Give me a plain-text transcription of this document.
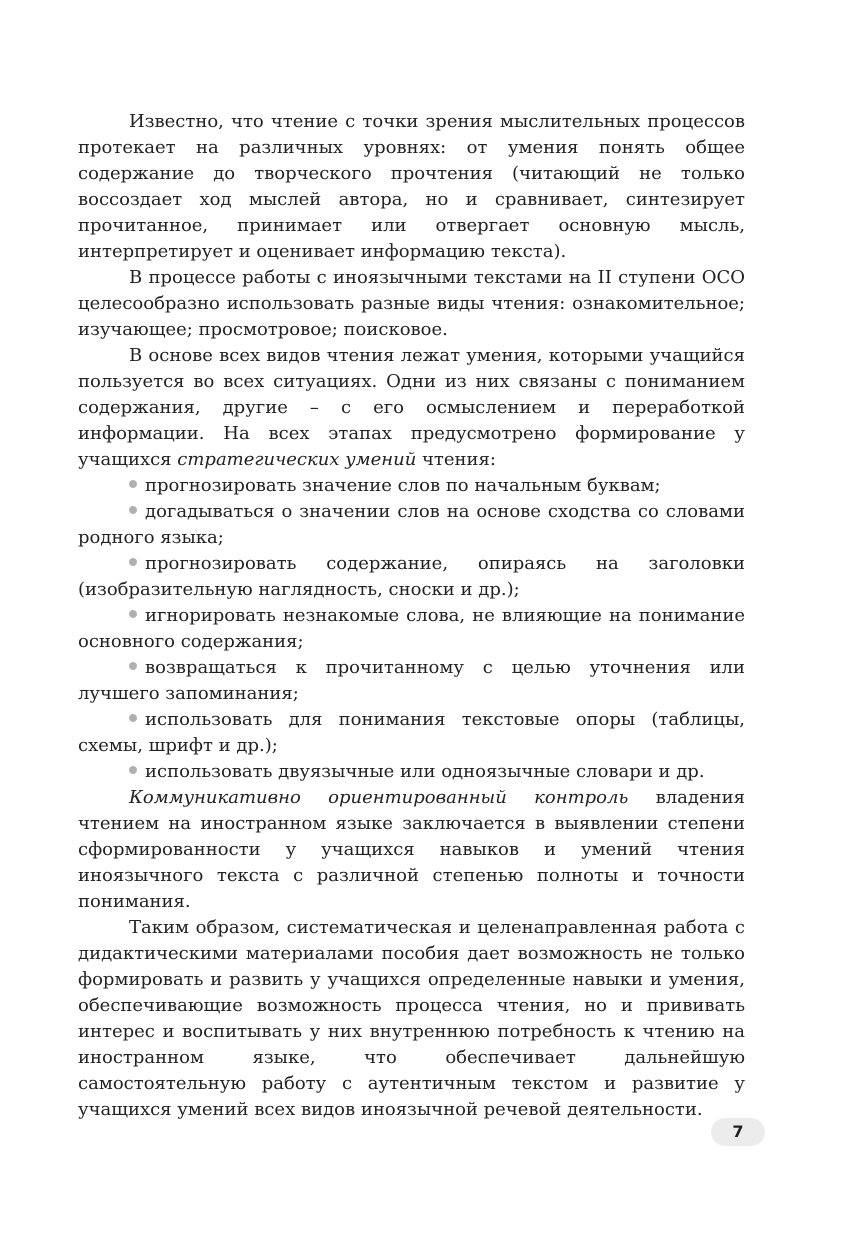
Известно, что чтение с точки зрения мыслительных процессов протекает на различных уровнях: от умения понять общее содержание до творческого прочтения (читающий не только воссоздает ход мыслей автора, но и сравнивает, синтезирует прочитанное, принимает или отвергает основную мысль, интерпретирует и оценивает информацию текста).

В процессе работы с иноязычными текстами на II ступени ОСО целесообразно использовать разные виды чтения: ознакомительное; изучающее; просмотровое; поисковое.

В основе всех видов чтения лежат умения, которыми учащийся пользуется во всех ситуациях. Одни из них связаны с пониманием содержания, другие – с его осмыслением и переработкой информации. На всех этапах предусмотрено формирование у учащихся стратегических умений чтения:

прогнозировать значение слов по начальным буквам;
догадываться о значении слов на основе сходства со словами родного языка;
прогнозировать содержание, опираясь на заголовки (изобразительную наглядность, сноски и др.);
игнорировать незнакомые слова, не влияющие на понимание основного содержания;
возвращаться к прочитанному с целью уточнения или лучшего запоминания;
использовать для понимания текстовые опоры (таблицы, схемы, шрифт и др.);
использовать двуязычные или одноязычные словари и др.

Коммуникативно ориентированный контроль владения чтением на иностранном языке заключается в выявлении степени сформированности у учащихся навыков и умений чтения иноязычного текста с различной степенью полноты и точности понимания.

Таким образом, систематическая и целенаправленная работа с дидактическими материалами пособия дает возможность не только формировать и развить у учащихся определенные навыки и умения, обеспечивающие возможность процесса чтения, но и прививать интерес и воспитывать у них внутреннюю потребность к чтению на иностранном языке, что обеспечивает дальнейшую самостоятельную работу с аутентичным текстом и развитие у учащихся умений всех видов иноязычной речевой деятельности.

7
